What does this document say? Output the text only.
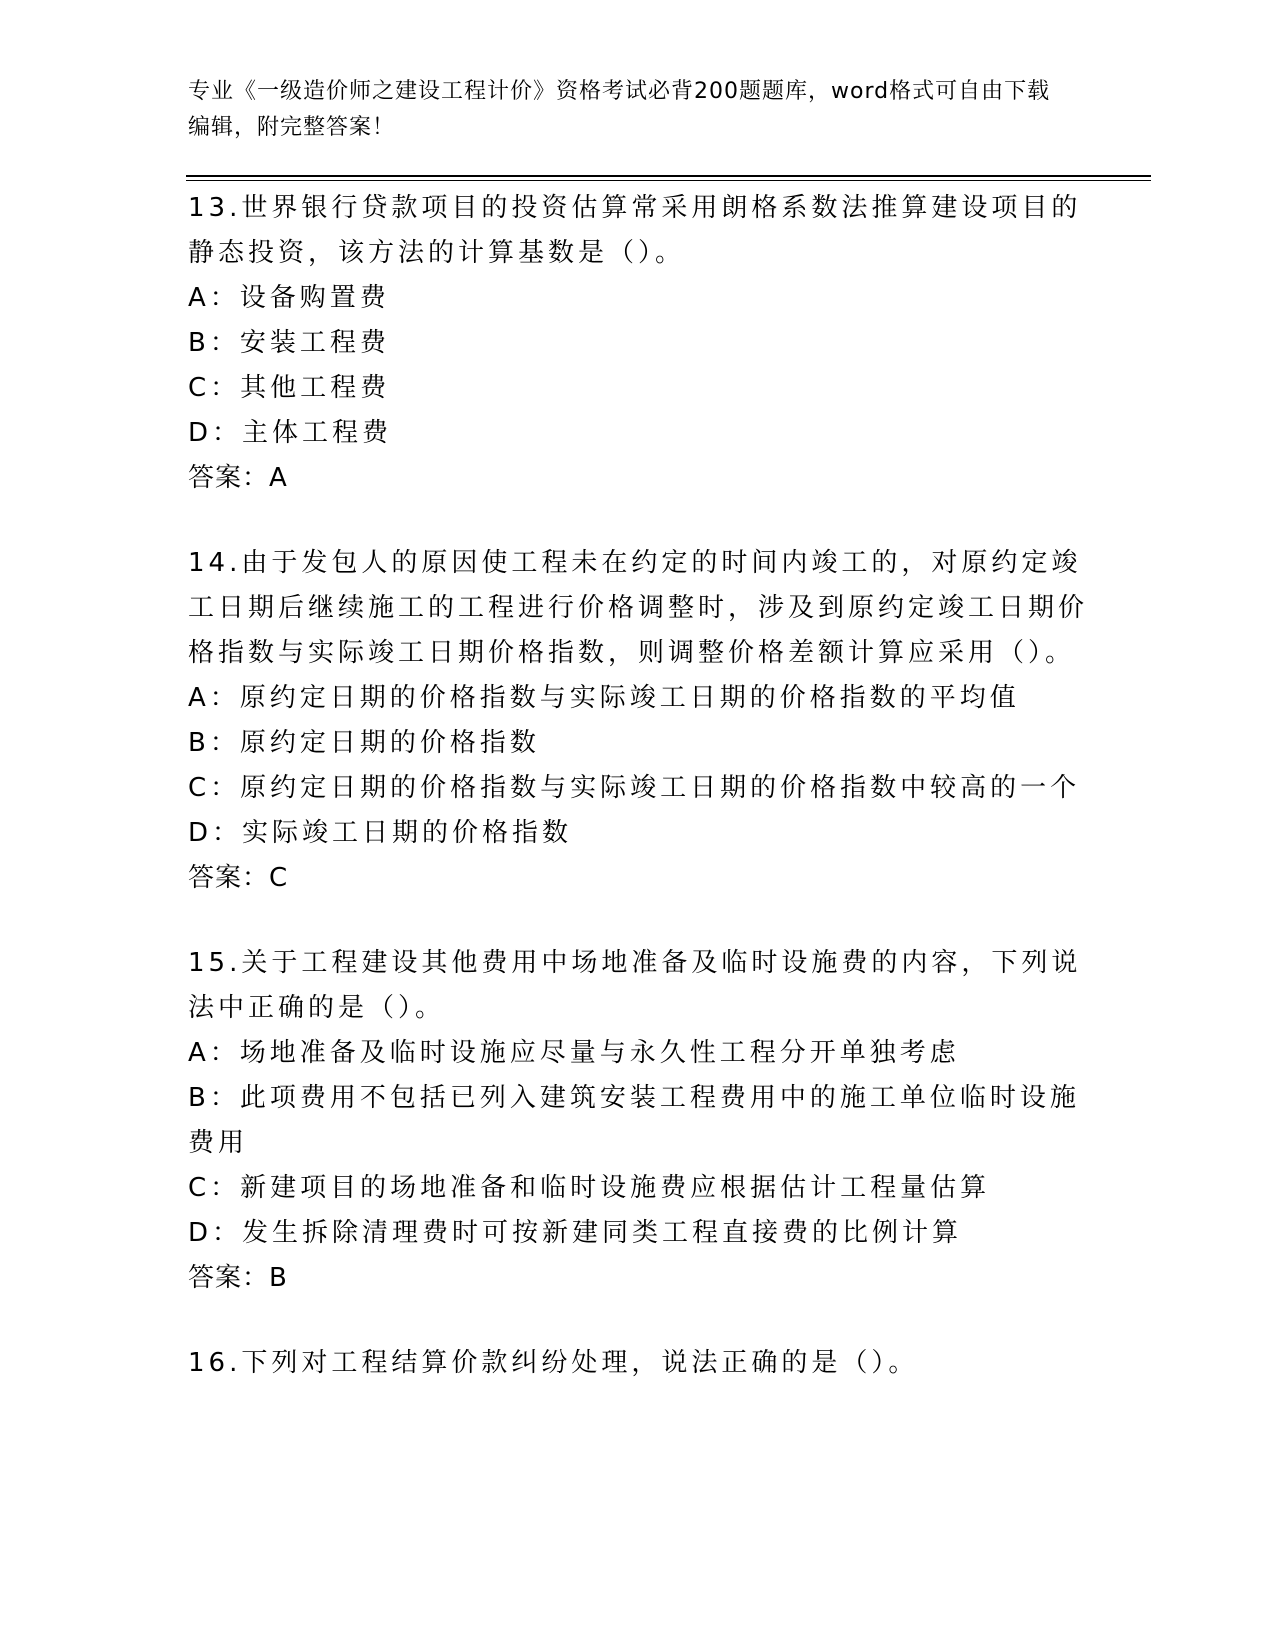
专业《一级造价师之建设工程计价》资格考试必背200题题库，word格式可自由下载编辑，附完整答案！

13.世界银行贷款项目的投资估算常采用朗格系数法推算建设项目的静态投资，该方法的计算基数是（）。

A：设备购置费

B：安装工程费

C：其他工程费

D：主体工程费

答案：A

14.由于发包人的原因使工程未在约定的时间内竣工的，对原约定竣工日期后继续施工的工程进行价格调整时，涉及到原约定竣工日期价格指数与实际竣工日期价格指数，则调整价格差额计算应采用（）。

A：原约定日期的价格指数与实际竣工日期的价格指数的平均值

B：原约定日期的价格指数

C：原约定日期的价格指数与实际竣工日期的价格指数中较高的一个

D：实际竣工日期的价格指数

答案：C

15.关于工程建设其他费用中场地准备及临时设施费的内容，下列说法中正确的是（）。

A：场地准备及临时设施应尽量与永久性工程分开单独考虑

B：此项费用不包括已列入建筑安装工程费用中的施工单位临时设施费用

C：新建项目的场地准备和临时设施费应根据估计工程量估算

D：发生拆除清理费时可按新建同类工程直接费的比例计算

答案：B

16.下列对工程结算价款纠纷处理，说法正确的是（）。
